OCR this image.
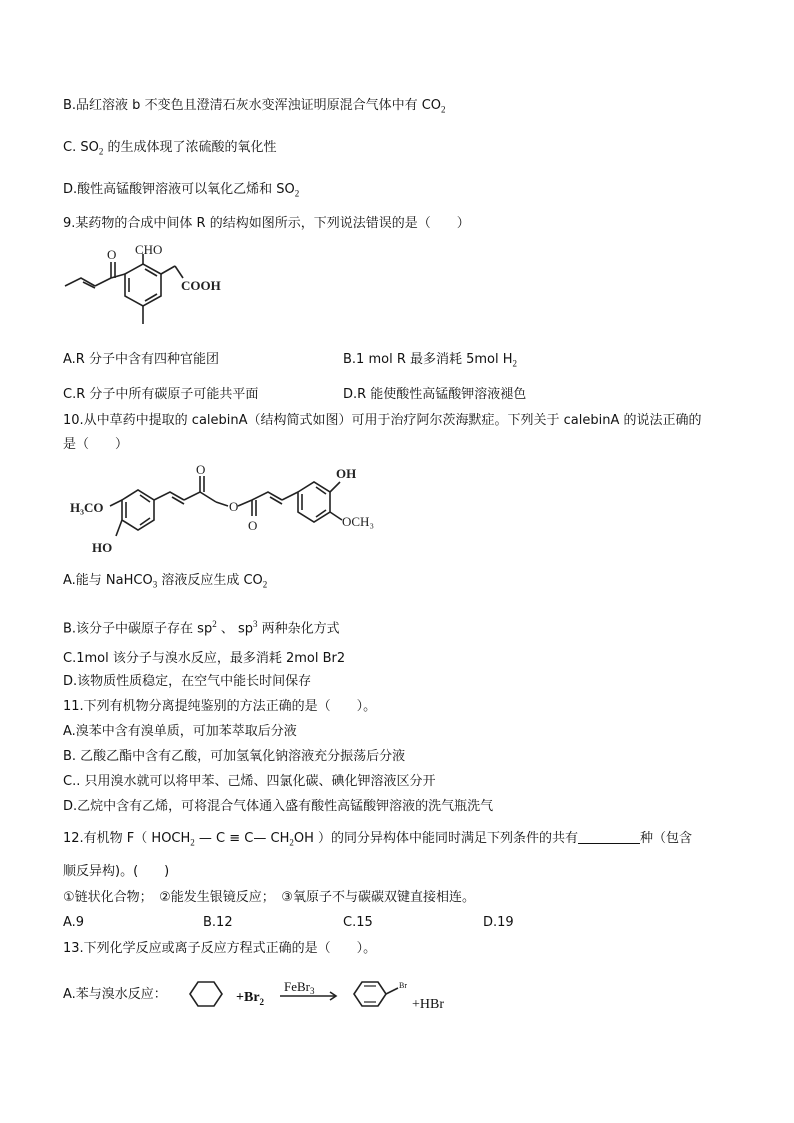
B.品红溶液 b 不变色且澄清石灰水变浑浊证明原混合气体中有 $CO_2$
C. $SO_2$ 的生成体现了浓硫酸的氧化性
D.酸性高锰酸钾溶液可以氧化乙烯和 $SO_2$
9.某药物的合成中间体 R 的结构如图所示，下列说法错误的是（　　）
O CHO
COOH
A.R 分子中含有四种官能团	B.1 mol R 最多消耗 5mol $H_2$
C.R 分子中所有碳原子可能共平面	D.R 能使酸性高锰酸钾溶液褪色
10.从中草药中提取的 calebinA（结构简式如图）可用于治疗阿尔茨海默症。下列关于 calebinA 的说法正确的
是（　　）
H₃CO
HO
O
O
O
OH
OCH₃
A.能与 NaHCO$_3$ 溶液反应生成 $CO_2$
B.该分子中碳原子存在 $sp^2$ 、 $sp^3$ 两种杂化方式
C.1mol 该分子与溴水反应，最多消耗 2mol Br2
D.该物质性质稳定，在空气中能长时间保存
11.下列有机物分离提纯鉴别的方法正确的是（　　）。
A.溴苯中含有溴单质，可加苯萃取后分液
B. 乙酸乙酯中含有乙酸，可加氢氧化钠溶液充分振荡后分液
C.. 只用溴水就可以将甲苯、己烯、四氯化碳、碘化钾溶液区分开
D.乙烷中含有乙烯，可将混合气体通入盛有酸性高锰酸钾溶液的洗气瓶洗气
12.有机物 F（ $HOCH_2$ — C ≡ C— $CH_2OH$ ）的同分异构体中能同时满足下列条件的共有	种（包含
顺反异构)。(　　)
①链状化合物；　②能发生银镜反应；　③氧原子不与碳碳双键直接相连。
A.9	B.12	C.15	D.19
13.下列化学反应或离子反应方程式正确的是（　　）。
A.苯与溴水反应：	$+Br_2$
FeBr$_3$
Br
+HBr
